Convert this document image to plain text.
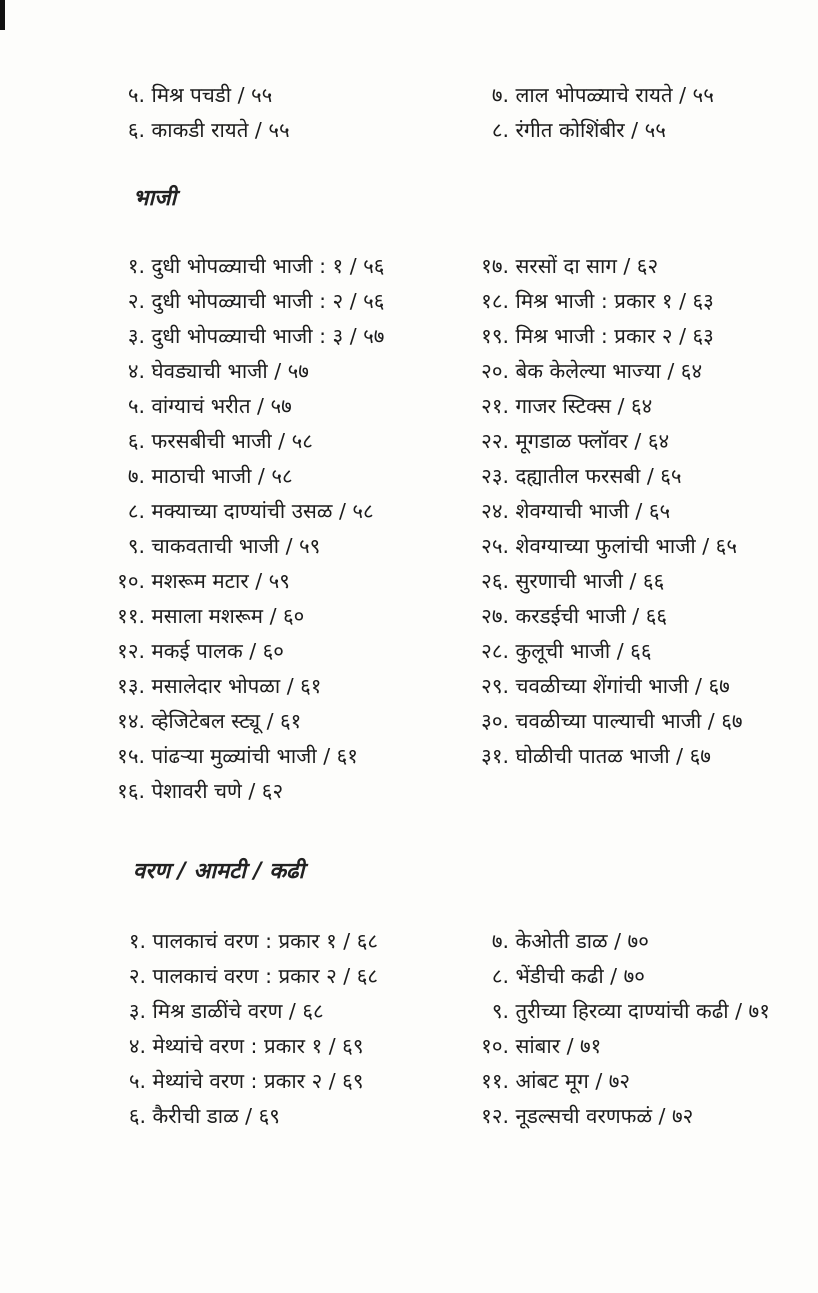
५. मिश्र पचडी / ५५
६. काकडी रायते / ५५
७. लाल भोपळ्याचे रायते / ५५
८. रंगीत कोशिंबीर / ५५
भाजी
१. दुधी भोपळ्याची भाजी : १ / ५६
२. दुधी भोपळ्याची भाजी : २ / ५६
३. दुधी भोपळ्याची भाजी : ३ / ५७
४. घेवड्याची भाजी / ५७
५. वांग्याचं भरीत / ५७
६. फरसबीची भाजी / ५८
७. माठाची भाजी / ५८
८. मक्याच्या दाण्यांची उसळ / ५८
९. चाकवताची भाजी / ५९
१०. मशरूम मटार / ५९
११. मसाला मशरूम / ६०
१२. मकई पालक / ६०
१३. मसालेदार भोपळा / ६१
१४. व्हेजिटेबल स्ट्यू / ६१
१५. पांढऱ्या मुळ्यांची भाजी / ६१
१६. पेशावरी चणे / ६२
१७. सरसों दा साग / ६२
१८. मिश्र भाजी : प्रकार १ / ६३
१९. मिश्र भाजी : प्रकार २ / ६३
२०. बेक केलेल्या भाज्या / ६४
२१. गाजर स्टिक्स / ६४
२२. मूगडाळ फ्लॉवर / ६४
२३. दह्यातील फरसबी / ६५
२४. शेवग्याची भाजी / ६५
२५. शेवग्याच्या फुलांची भाजी / ६५
२६. सुरणाची भाजी / ६६
२७. करडईची भाजी / ६६
२८. कुलूची भाजी / ६६
२९. चवळीच्या शेंगांची भाजी / ६७
३०. चवळीच्या पाल्याची भाजी / ६७
३१. घोळीची पातळ भाजी / ६७
वरण / आमटी / कढी
१. पालकाचं वरण : प्रकार १ / ६८
२. पालकाचं वरण : प्रकार २ / ६८
३. मिश्र डाळींचे वरण / ६८
४. मेथ्यांचे वरण : प्रकार १ / ६९
५. मेथ्यांचे वरण : प्रकार २ / ६९
६. कैरीची डाळ / ६९
७. केओती डाळ / ७०
८. भेंडीची कढी / ७०
९. तुरीच्या हिरव्या दाण्यांची कढी / ७१
१०. सांबार / ७१
११. आंबट मूग / ७२
१२. नूडल्सची वरणफळं / ७२
